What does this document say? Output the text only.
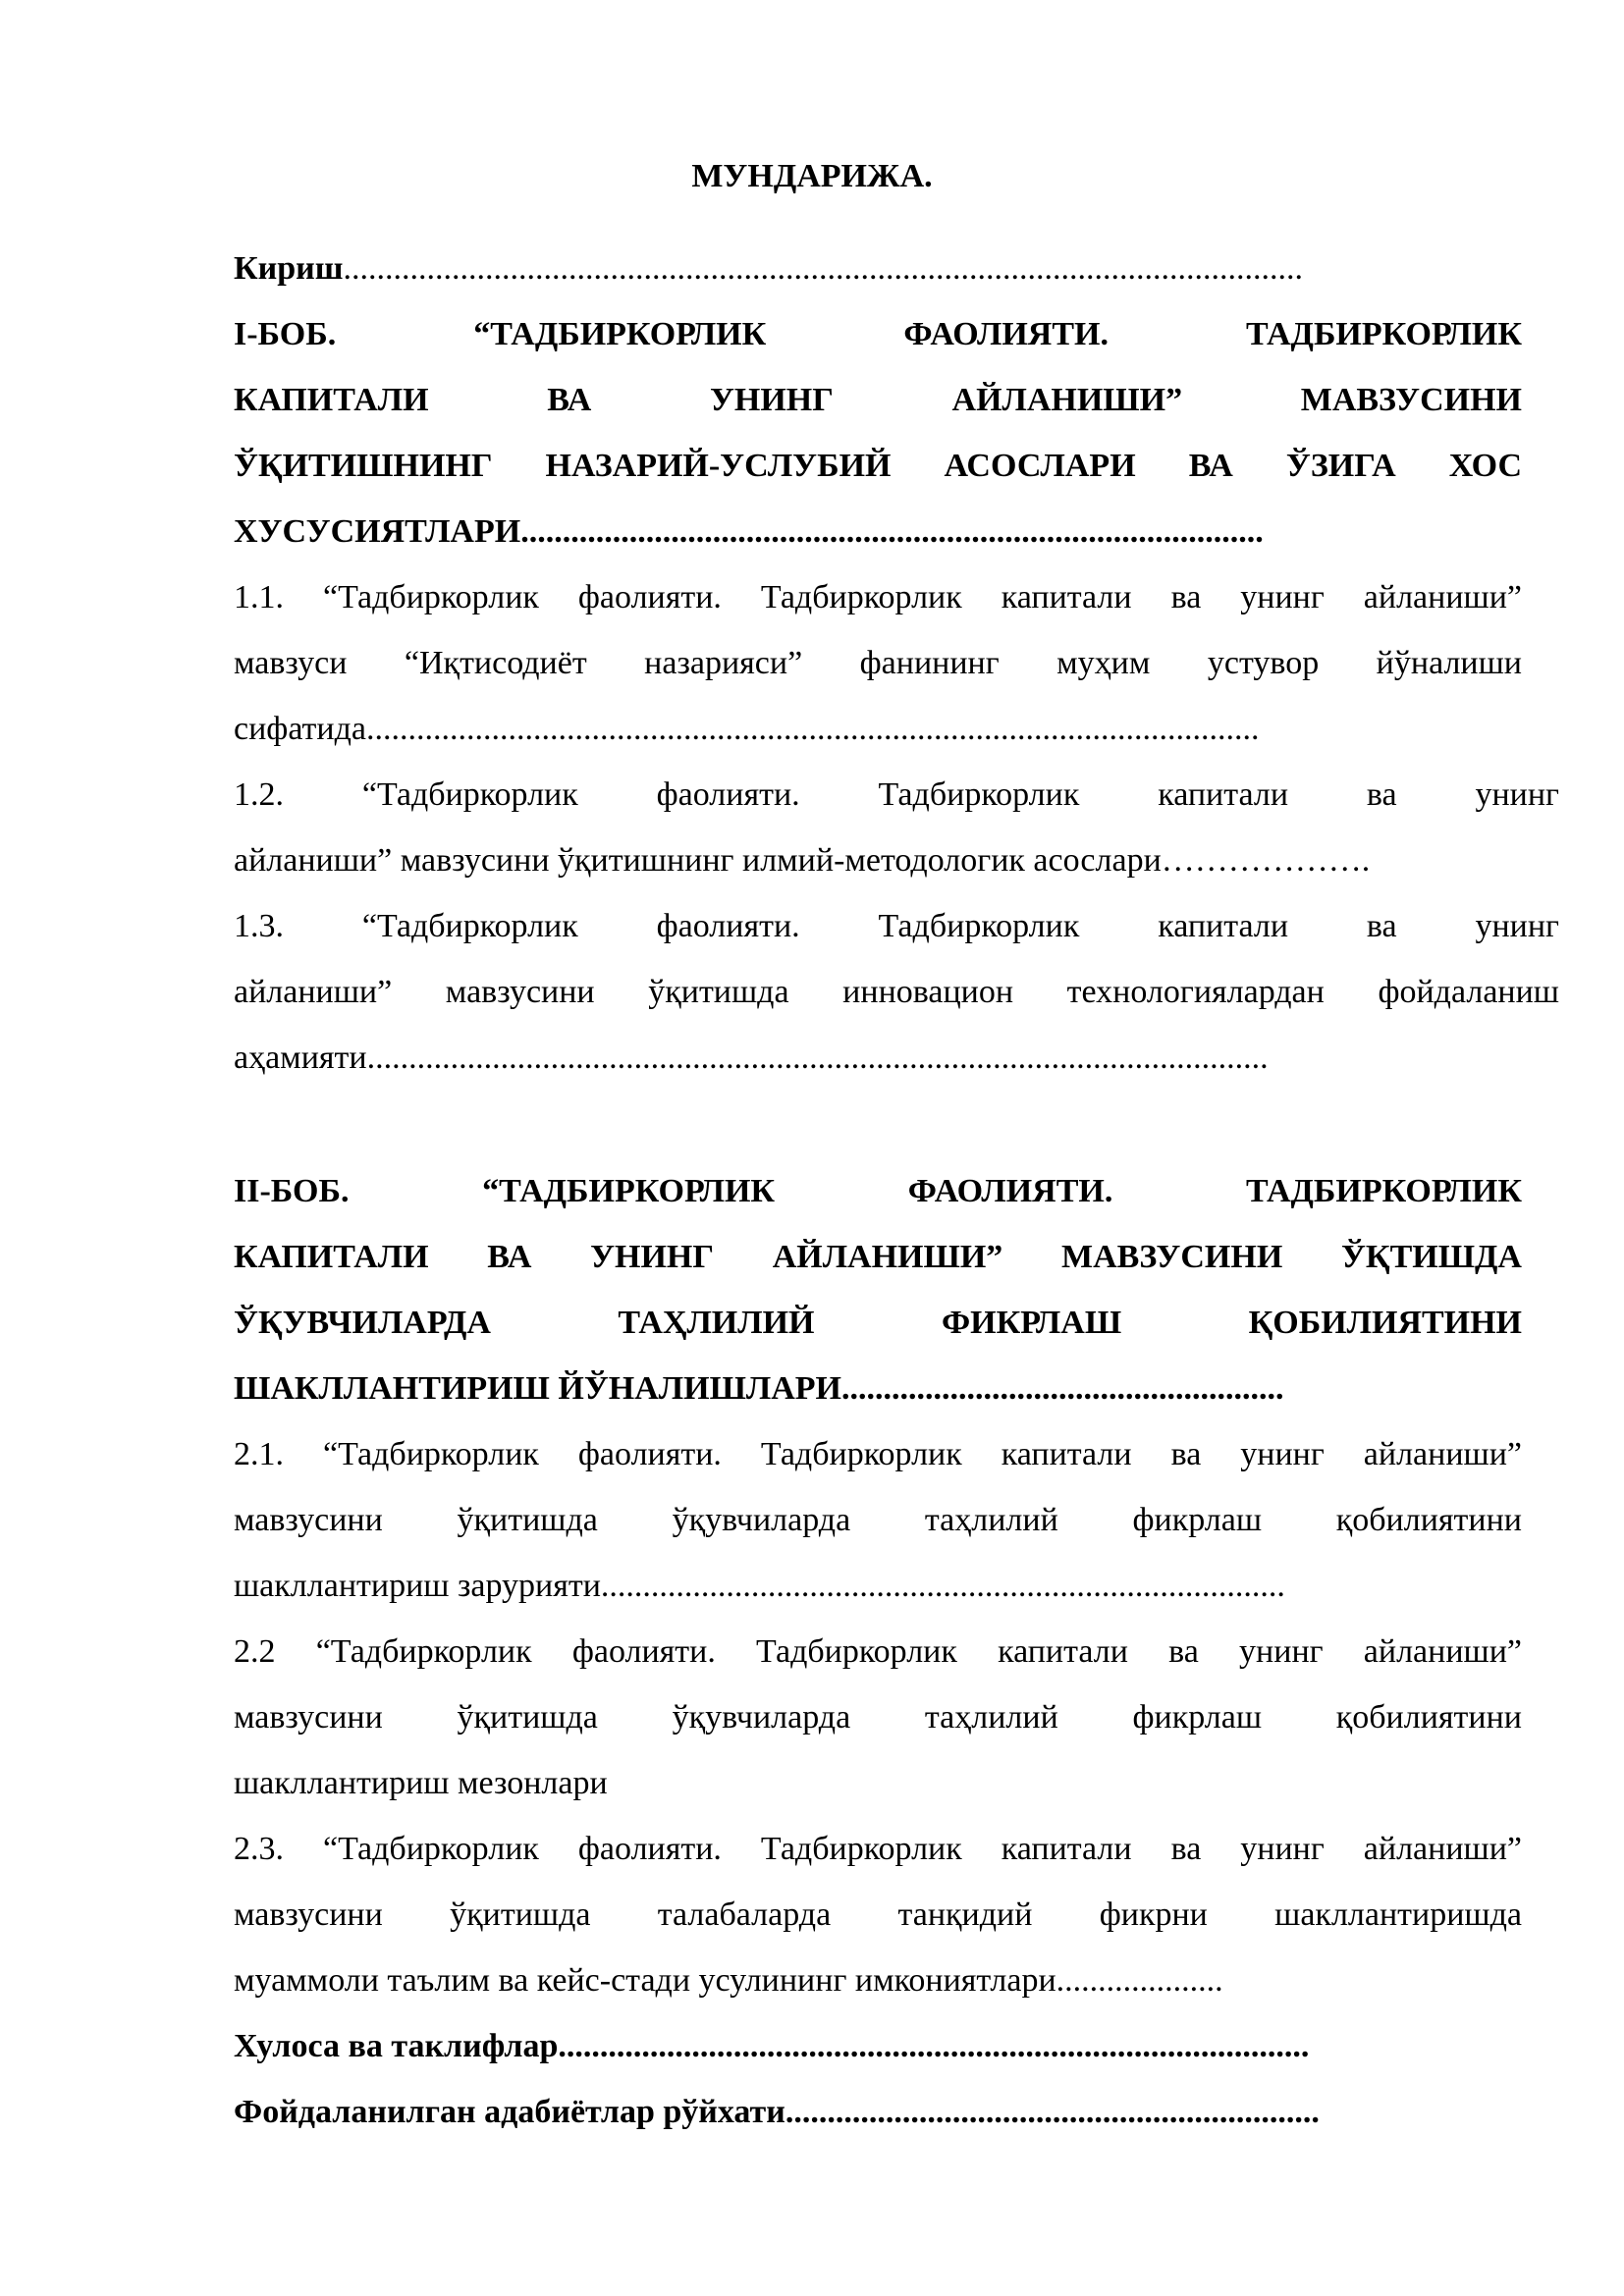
МУНДАРИЖА.
Кириш...................................................................................................................
I-БОБ. “ТАДБИРКОРЛИК ФАОЛИЯТИ. ТАДБИРКОРЛИК
КАПИТАЛИ ВА УНИНГ АЙЛАНИШИ” МАВЗУСИНИ
ЎҚИТИШНИНГ НАЗАРИЙ-УСЛУБИЙ АСОСЛАРИ ВА ЎЗИГА ХОС
ХУСУСИЯТЛАРИ.........................................................................................
1.1. “Тадбиркорлик фаолияти. Тадбиркорлик капитали ва унинг айланиши”
мавзуси “Иқтисодиёт назарияси” фанининг муҳим устувор йўналиши
сифатида...........................................................................................................
1.2. “Тадбиркорлик фаолияти. Тадбиркорлик капитали ва унинг
айланиши” мавзусини ўқитишнинг илмий-методологик асослари……………….
1.3. “Тадбиркорлик фаолияти. Тадбиркорлик капитали ва унинг
айланиши” мавзусини ўқитишда инновацион технологиялардан фойдаланиш
аҳамияти............................................................................................................
II-БОБ. “ТАДБИРКОРЛИК ФАОЛИЯТИ. ТАДБИРКОРЛИК
КАПИТАЛИ ВА УНИНГ АЙЛАНИШИ” МАВЗУСИНИ ЎҚТИШДА
ЎҚУВЧИЛАРДА ТАҲЛИЛИЙ ФИКРЛАШ ҚОБИЛИЯТИНИ
ШАКЛЛАНТИРИШ ЙЎНАЛИШЛАРИ.....................................................
2.1. “Тадбиркорлик фаолияти. Тадбиркорлик капитали ва унинг айланиши”
мавзусини ўқитишда ўқувчиларда таҳлилий фикрлаш қобилиятини
шакллантириш зарурияти..................................................................................
2.2 “Тадбиркорлик фаолияти. Тадбиркорлик капитали ва унинг айланиши”
мавзусини ўқитишда ўқувчиларда таҳлилий фикрлаш қобилиятини
шакллантириш мезонлари
2.3. “Тадбиркорлик фаолияти. Тадбиркорлик капитали ва унинг айланиши”
мавзусини ўқитишда талабаларда танқидий фикрни шакллантиришда
муаммоли таълим ва кейс-стади усулининг имкониятлари....................
Хулоса ва таклифлар..........................................................................................
Фойдаланилган адабиётлар рўйхати................................................................
